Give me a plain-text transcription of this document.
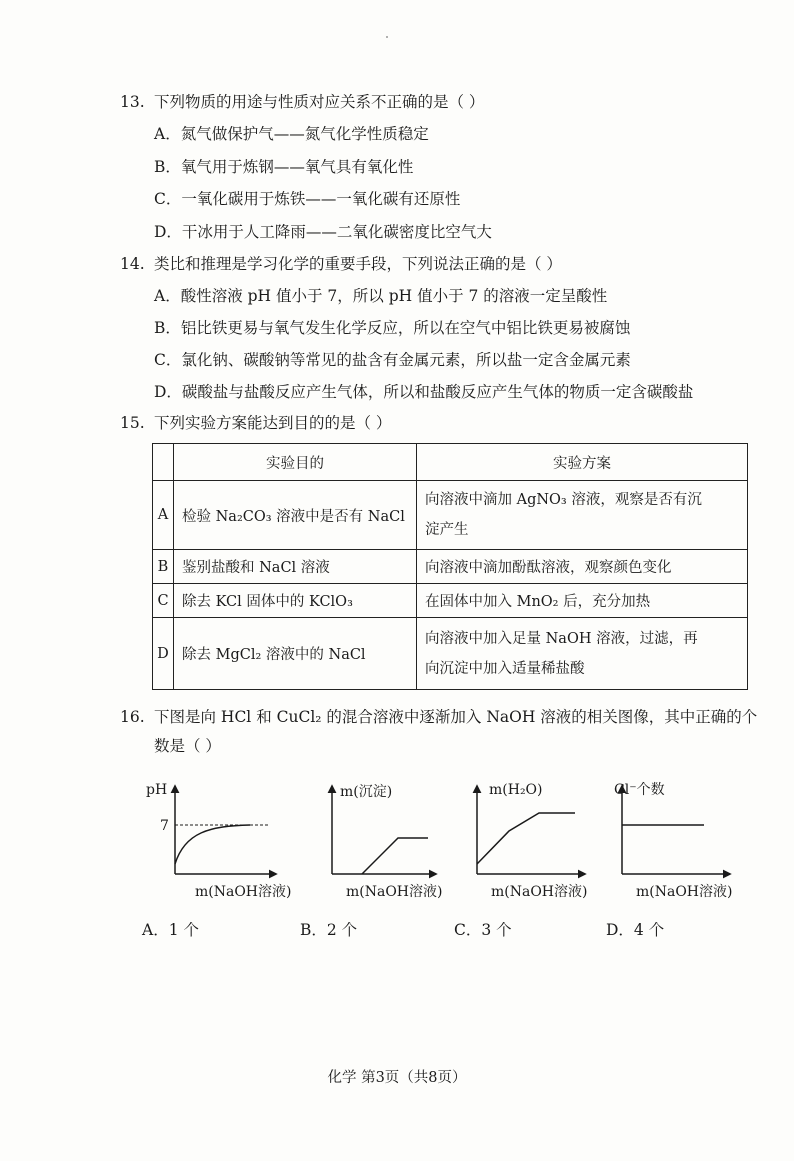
13. 下列物质的用途与性质对应关系不正确的是（ ）
A．氮气做保护气——氮气化学性质稳定
B．氧气用于炼钢——氧气具有氧化性
C．一氧化碳用于炼铁——一氧化碳有还原性
D．干冰用于人工降雨——二氧化碳密度比空气大
14. 类比和推理是学习化学的重要手段，下列说法正确的是（ ）
A．酸性溶液 pH 值小于 7，所以 pH 值小于 7 的溶液一定呈酸性
B．铝比铁更易与氧气发生化学反应，所以在空气中铝比铁更易被腐蚀
C．氯化钠、碳酸钠等常见的盐含有金属元素，所以盐一定含金属元素
D．碳酸盐与盐酸反应产生气体，所以和盐酸反应产生气体的物质一定含碳酸盐
15. 下列实验方案能达到目的的是（ ）
	实验目的	实验方案
A	检验 Na₂CO₃ 溶液中是否有 NaCl	向溶液中滴加 AgNO₃ 溶液，观察是否有沉
淀产生
B	鉴别盐酸和 NaCl 溶液	向溶液中滴加酚酞溶液，观察颜色变化
C	除去 KCl 固体中的 KClO₃	在固体中加入 MnO₂ 后，充分加热
D	除去 MgCl₂ 溶液中的 NaCl	向溶液中加入足量 NaOH 溶液，过滤，再
向沉淀中加入适量稀盐酸
16. 下图是向 HCl 和 CuCl₂ 的混合溶液中逐渐加入 NaOH 溶液的相关图像，其中正确的个
数是（ ）
pH
7
m(NaOH溶液)
m(沉淀)
m(NaOH溶液)
m(H₂O)
m(NaOH溶液)
Cl⁻个数
m(NaOH溶液)
A．1 个	B．2 个	C．3 个	D．4 个
化学 第3页（共8页）
